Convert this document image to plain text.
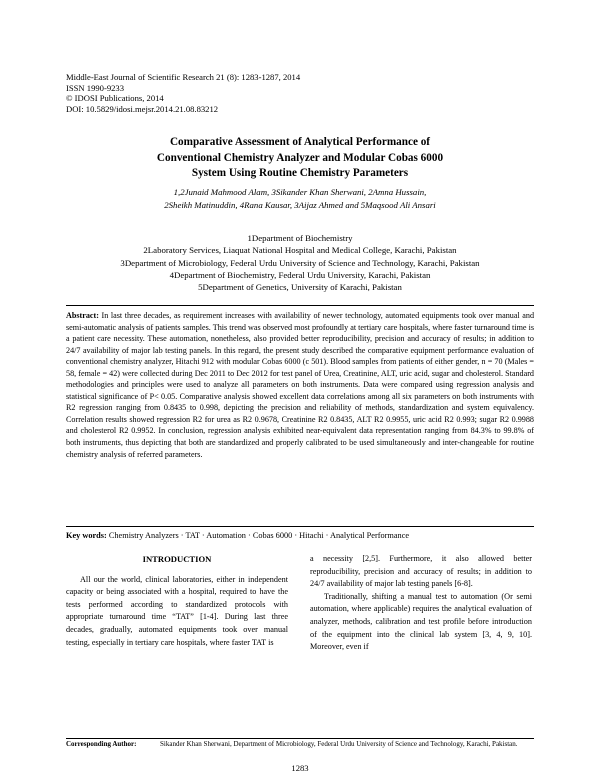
Middle-East Journal of Scientific Research 21 (8): 1283-1287, 2014
ISSN 1990-9233
© IDOSI Publications, 2014
DOI: 10.5829/idosi.mejsr.2014.21.08.83212
Comparative Assessment of Analytical Performance of
Conventional Chemistry Analyzer and Modular Cobas 6000
System Using Routine Chemistry Parameters
1,2Junaid Mahmood Alam, 3Sikander Khan Sherwani, 2Amna Hussain,
2Sheikh Matinuddin, 4Rana Kausar, 3Aijaz Ahmed and 5Maqsood Ali Ansari
1Department of Biochemistry
2Laboratory Services, Liaquat National Hospital and Medical College, Karachi, Pakistan
3Department of Microbiology, Federal Urdu University of Science and Technology, Karachi, Pakistan
4Department of Biochemistry, Federal Urdu University, Karachi, Pakistan
5Department of Genetics, University of Karachi, Pakistan
Abstract: In last three decades, as requirement increases with availability of newer technology, automated equipments took over manual and semi-automatic analysis of patients samples. This trend was observed most profoundly at tertiary care hospitals, where faster turnaround time is a patient care necessity. These automation, nonetheless, also provided better reproducibility, precision and accuracy of results; in addition to 24/7 availability of major lab testing panels. In this regard, the present study described the comparative equipment performance evaluation of conventional chemistry analyzer, Hitachi 912 with modular Cobas 6000 (c 501). Blood samples from patients of either gender, n = 70 (Males = 58, female = 42) were collected during Dec 2011 to Dec 2012 for test panel of Urea, Creatinine, ALT, uric acid, sugar and cholesterol. Standard methodologies and principles were used to analyze all parameters on both instruments. Data were compared using regression analysis and statistical significance of P< 0.05. Comparative analysis showed excellent data correlations among all six parameters on both instruments with R2 regression ranging from 0.8435 to 0.998, depicting the precision and reliability of methods, standardization and system equivalency. Correlation results showed regression R2 for urea as R2 0.9678, Creatinine R2 0.8435, ALT R2 0.9955, uric acid R2 0.993; sugar R2 0.9988 and cholesterol R2 0.9952. In conclusion, regression analysis exhibited near-equivalent data representation ranging from 84.3% to 99.8% of both instruments, thus depicting that both are standardized and properly calibrated to be used simultaneously and inter-changeable for routine chemistry analysis of referred parameters.
Key words: Chemistry Analyzers · TAT · Automation · Cobas 6000 · Hitachi · Analytical Performance
INTRODUCTION

All our the world, clinical laboratories, either in independent capacity or being associated with a hospital, required to have the tests performed according to standardized protocols with appropriate turnaround time “TAT” [1-4]. During last three decades, gradually, automated equipments took over manual testing, especially in tertiary care hospitals, where faster TAT is

a necessity [2,5]. Furthermore, it also allowed better reproducibility, precision and accuracy of results; in addition to 24/7 availability of major lab testing panels [6-8].

Traditionally, shifting a manual test to automation (Or semi automation, where applicable) requires the analytical evaluation of analyzer, methods, calibration and test profile before introduction of the equipment into the clinical lab system [3, 4, 9, 10]. Moreover, even if

Corresponding Author:	Sikander Khan Sherwani, Department of Microbiology, Federal Urdu University of Science and Technology, Karachi, Pakistan.
1283
